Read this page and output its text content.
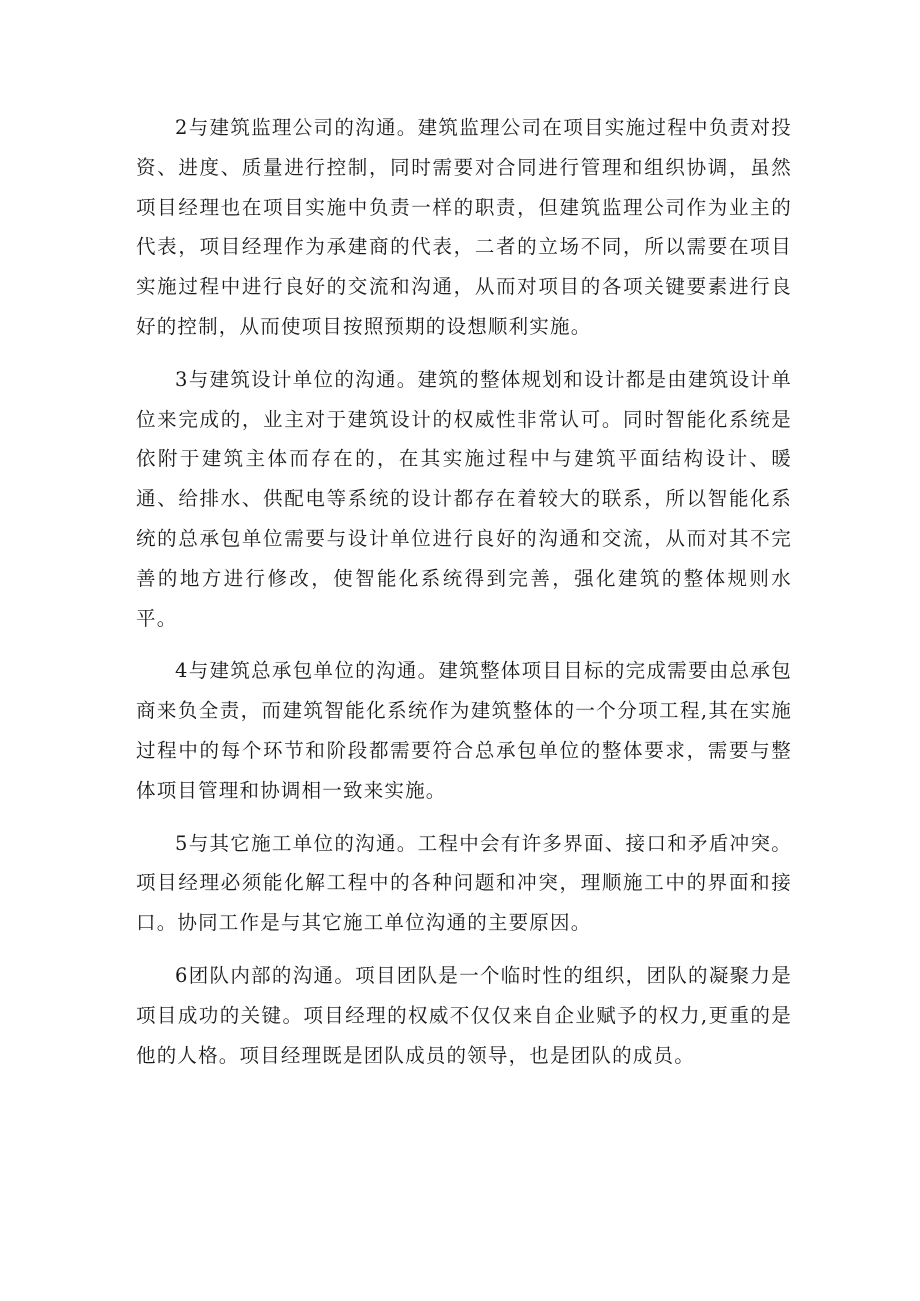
2与建筑监理公司的沟通。建筑监理公司在项目实施过程中负责对投资、进度、质量进行控制，同时需要对合同进行管理和组织协调，虽然项目经理也在项目实施中负责一样的职责，但建筑监理公司作为业主的代表，项目经理作为承建商的代表，二者的立场不同，所以需要在项目实施过程中进行良好的交流和沟通，从而对项目的各项关键要素进行良好的控制，从而使项目按照预期的设想顺利实施。

3与建筑设计单位的沟通。建筑的整体规划和设计都是由建筑设计单位来完成的，业主对于建筑设计的权威性非常认可。同时智能化系统是依附于建筑主体而存在的，在其实施过程中与建筑平面结构设计、暖通、给排水、供配电等系统的设计都存在着较大的联系，所以智能化系统的总承包单位需要与设计单位进行良好的沟通和交流，从而对其不完善的地方进行修改，使智能化系统得到完善，强化建筑的整体规则水平。

4与建筑总承包单位的沟通。建筑整体项目目标的完成需要由总承包商来负全责，而建筑智能化系统作为建筑整体的一个分项工程,其在实施过程中的每个环节和阶段都需要符合总承包单位的整体要求，需要与整体项目管理和协调相一致来实施。

5与其它施工单位的沟通。工程中会有许多界面、接口和矛盾冲突。项目经理必须能化解工程中的各种问题和冲突，理顺施工中的界面和接口。协同工作是与其它施工单位沟通的主要原因。

6团队内部的沟通。项目团队是一个临时性的组织，团队的凝聚力是项目成功的关键。项目经理的权威不仅仅来自企业赋予的权力,更重的是他的人格。项目经理既是团队成员的领导，也是团队的成员。
